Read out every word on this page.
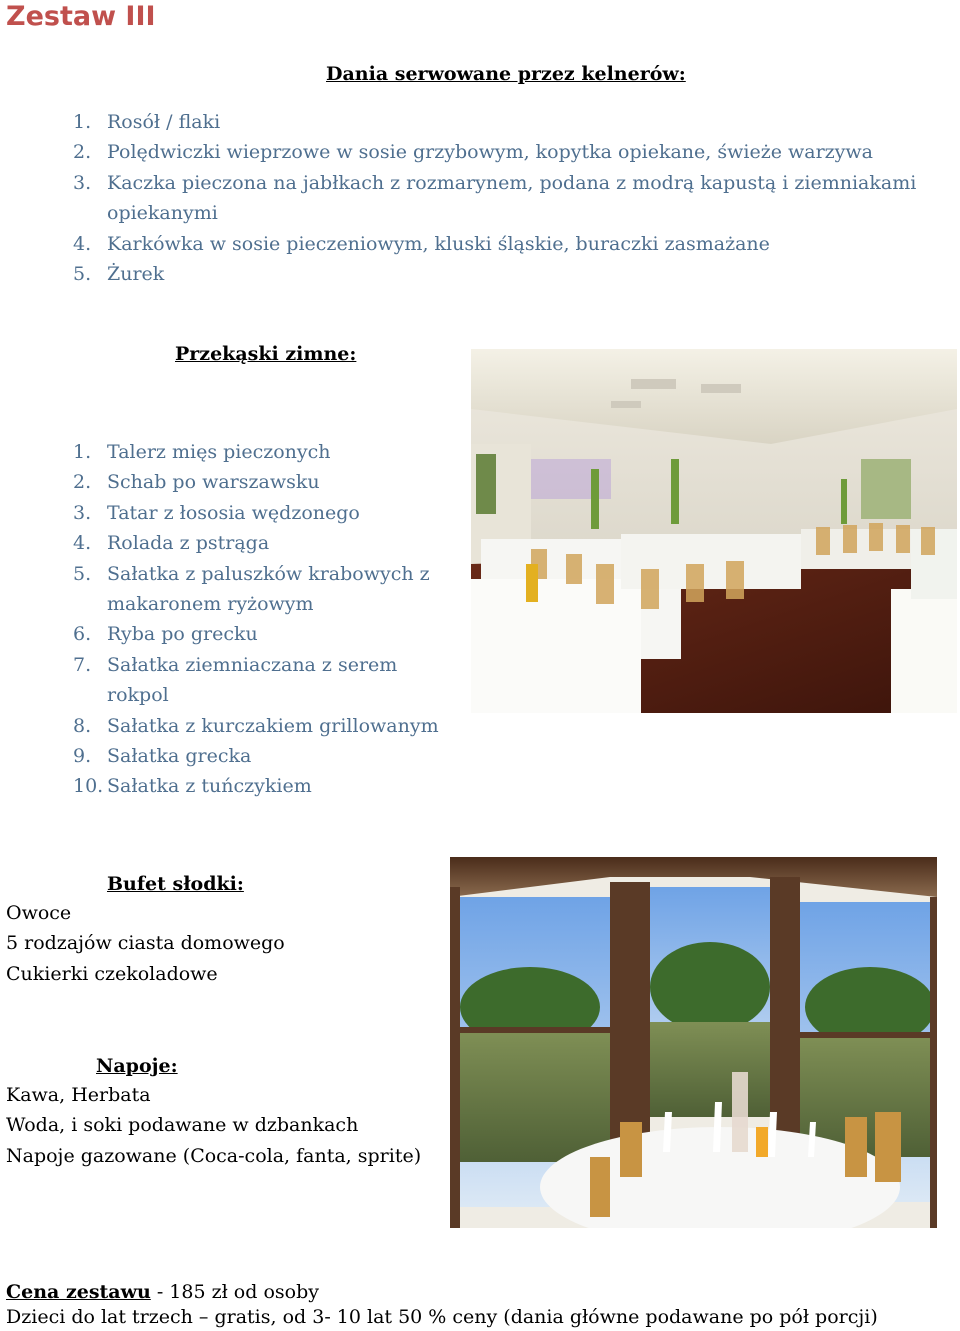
Zestaw III
Dania serwowane przez kelnerów:
1. Rosół / flaki
2. Polędwiczki wieprzowe w sosie grzybowym, kopytka opiekane, świeże warzywa
3. Kaczka pieczona na jabłkach z rozmarynem, podana z modrą kapustą i ziemniakami opiekanymi
4. Karkówka w sosie pieczeniowym, kluski śląskie, buraczki zasmażane
5. Żurek
Przekąski zimne:
1. Talerz mięs pieczonych
2. Schab po warszawsku
3. Tatar z łososia wędzonego
4. Rolada z pstrąga
5. Sałatka z paluszków krabowych z makaronem ryżowym
6. Ryba po grecku
7. Sałatka ziemniaczana z serem rokpol
8. Sałatka z kurczakiem grillowanym
9. Sałatka grecka
10. Sałatka z tuńczykiem
Bufet słodki:
Owoce
5 rodzajów ciasta domowego
Cukierki czekoladowe
Napoje:
Kawa, Herbata
Woda, i soki podawane w dzbankach
Napoje gazowane (Coca-cola, fanta, sprite)
Cena zestawu - 185 zł od osoby
Dzieci do lat trzech – gratis, od 3- 10 lat 50 % ceny (dania główne podawane po pół porcji)
